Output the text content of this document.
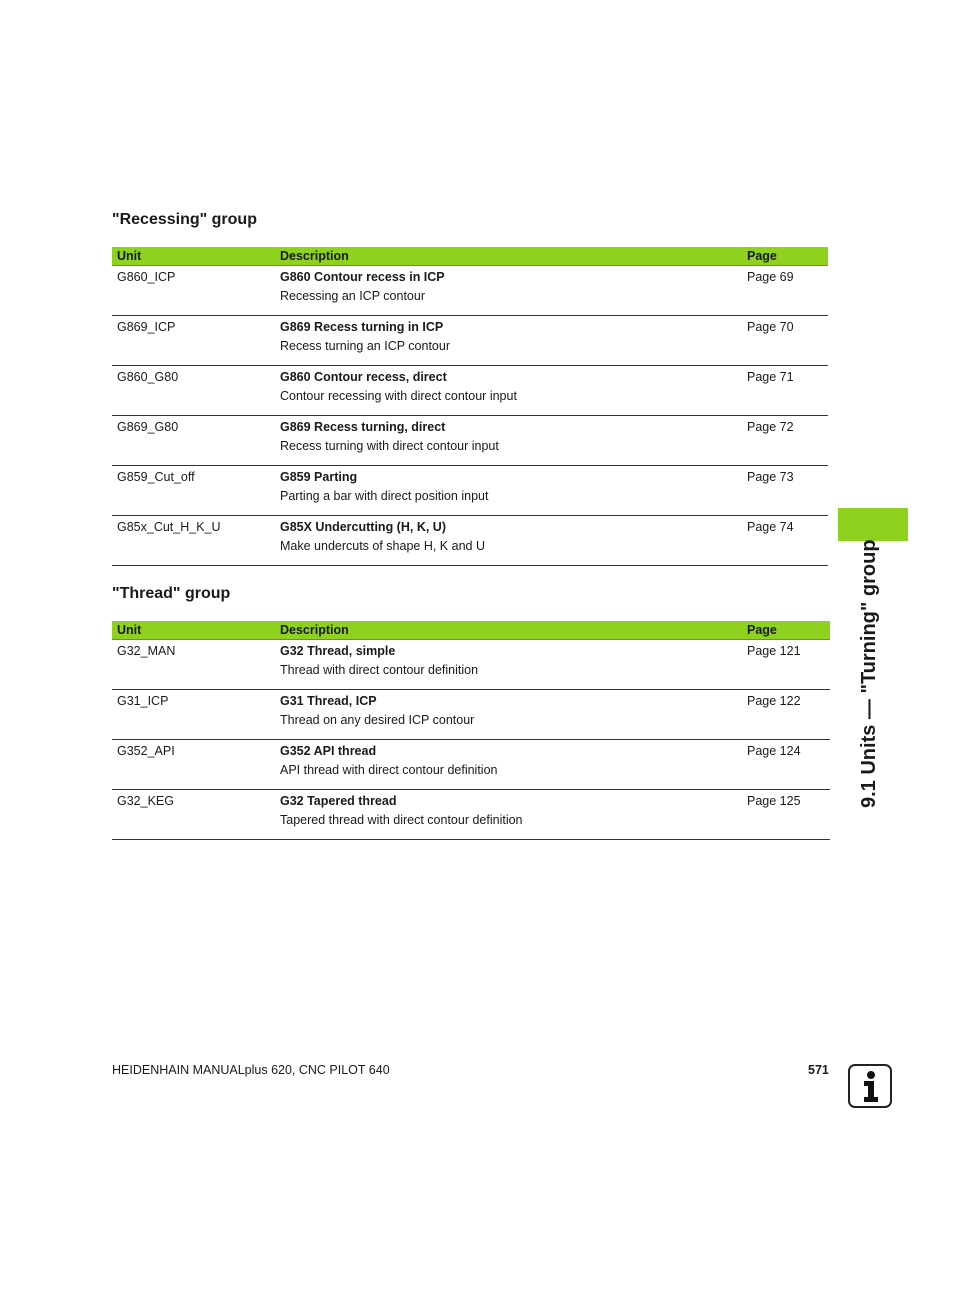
9.1 Units — "Turning" group
"Recessing" group
Unit	Description	Page
G860_ICP	G860 Contour recess in ICP	Page 69
	Recessing an ICP contour	
G869_ICP	G869 Recess turning in ICP	Page 70
	Recess turning an ICP contour	
G860_G80	G860 Contour recess, direct	Page 71
	Contour recessing with direct contour input	
G869_G80	G869 Recess turning, direct	Page 72
	Recess turning with direct contour input	
G859_Cut_off	G859 Parting	Page 73
	Parting a bar with direct position input	
G85x_Cut_H_K_U	G85X Undercutting (H, K, U)	Page 74
	Make undercuts of shape H, K and U	
"Thread" group
Unit	Description	Page
G32_MAN	G32 Thread, simple	Page 121
	Thread with direct contour definition	
G31_ICP	G31 Thread, ICP	Page 122
	Thread on any desired ICP contour	
G352_API	G352 API thread	Page 124
	API thread with direct contour definition	
G32_KEG	G32 Tapered thread	Page 125
	Tapered thread with direct contour definition	
HEIDENHAIN MANUALplus 620, CNC PILOT 640	571
